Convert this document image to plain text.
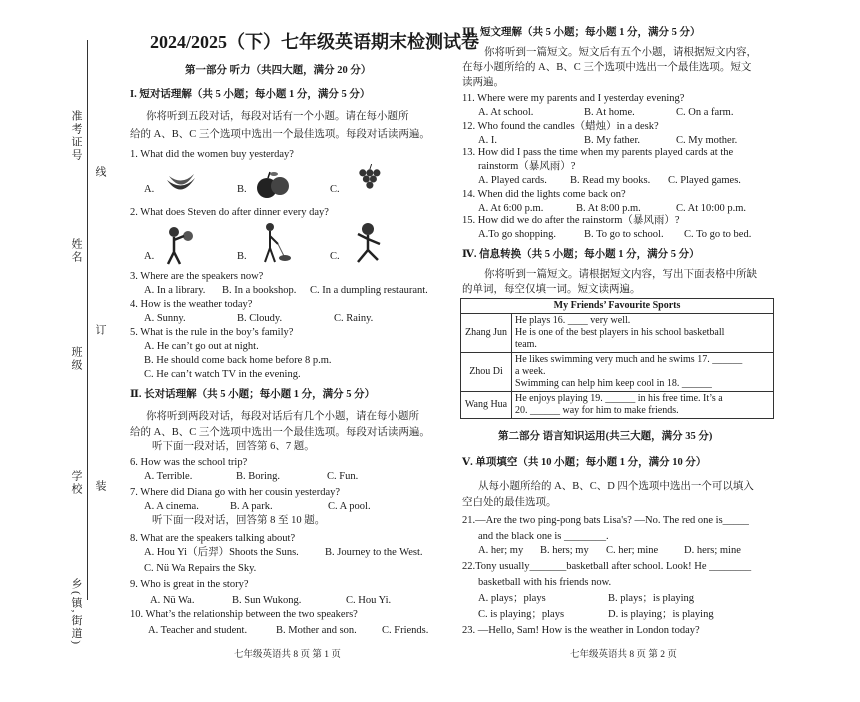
准考证号
线
姓名
订
班级
装
学校
乡(镇,街道)
2024/2025（下）七年级英语期末检测试卷
第一部分 听力（共四大题，满分 20 分）
I. 短对话理解（共 5 小题；每小题 1 分，满分 5 分）
你将听到五段对话，每段对话有一个小题。请在每小题所
给的 A、B、C 三个选项中选出一个最佳选项。每段对话读两遍。
1. What did the women buy yesterday?
A.	B.	C.
2. What does Steven do after dinner every day?
A.	B.	C.
3. Where are the speakers now?
A. In a library. B. In a bookshop. C. In a dumpling restaurant.
4. How is the weather today?
A. Sunny.	B. Cloudy.	C. Rainy.
5. What is the rule in the boy’s family?
A. He can’t go out at night.
B. He should come back home before 8 p.m.
C. He can’t watch TV in the evening.
Ⅱ. 长对话理解（共 5 小题；每小题 1 分，满分 5 分）
你将听到两段对话，每段对话后有几个小题，请在每小题所
给的 A、B、C 三个选项中选出一个最佳选项。每段对话读两遍。
听下面一段对话，回答第 6、7 题。
6. How was the school trip?
A. Terrible.	B. Boring.	C. Fun.
7. Where did Diana go with her cousin yesterday?
A. A cinema.	B. A park.	C. A pool.
听下面一段对话，回答第 8 至 10 题。
8. What are the speakers talking about?
A. Hou Yi（后羿）Shoots the Suns. B. Journey to the West.
C. Nü Wa Repairs the Sky.
9. Who is great in the story?
A. Nü Wa.	B. Sun Wukong.	C. Hou Yi.
10. What’s the relationship between the two speakers?
A. Teacher and student.	B. Mother and son. C. Friends.
七年级英语共 8 页 第 1 页
Ⅲ. 短文理解（共 5 小题；每小题 1 分，满分 5 分）
你将听到一篇短文。短文后有五个小题，请根据短文内容，
在每小题所给的 A、B、C 三个选项中选出一个最佳选项。短文
读两遍。
11. Where were my parents and I yesterday evening?
A. At school.	B. At home.	C. On a farm.
12. Who found the candles（蜡烛）in a desk?
A. I.	B. My father.	C. My mother.
13. How did I pass the time when my parents played cards at the
rainstorm（暴风雨）?
A. Played cards. B. Read my books. C. Played games.
14. When did the lights come back on?
A. At 6:00 p.m.	B. At 8:00 p.m.	C. At 10:00 p.m.
15. How did we do after the rainstorm（暴风雨）?
A.To go shopping.	B. To go to school. C. To go to bed.
Ⅳ. 信息转换（共 5 小题；每小题 1 分，满分 5 分）
你将听到一篇短文。请根据短文内容，写出下面表格中所缺
的单词，每空仅填一词。短文读两遍。
My Friends’ Favourite Sports	
Zhang Jun	He plays 16. ____ very well.
He is one of the best players in his school basketball
team.

Zhou Di	He likes swimming very much and he swims 17. ______
a week.
Swimming can help him keep cool in 18. ______

Wang Hua	He enjoys playing 19. ______ in his free time. It’s a
20. ______ way for him to make friends.
第二部分 语言知识运用(共三大题，满分 35 分)
Ⅴ. 单项填空（共 10 小题；每小题 1 分，满分 10 分）
从每小题所给的 A、B、C、D 四个选项中选出一个可以填入
空白处的最佳选项。
21.—Are the two ping-pong bats Lisa's? —No. The red one is_____
and the black one is ________.
A. her; my B. hers; my C. her; mine D. hers; mine
22.Tony usually_______basketball after school. Look! He ________
basketball with his friends now.
A. plays；plays	B. plays；is playing
C. is playing；plays	D. is playing；is playing
23. —Hello, Sam! How is the weather in London today?
七年级英语共 8 页 第 2 页
